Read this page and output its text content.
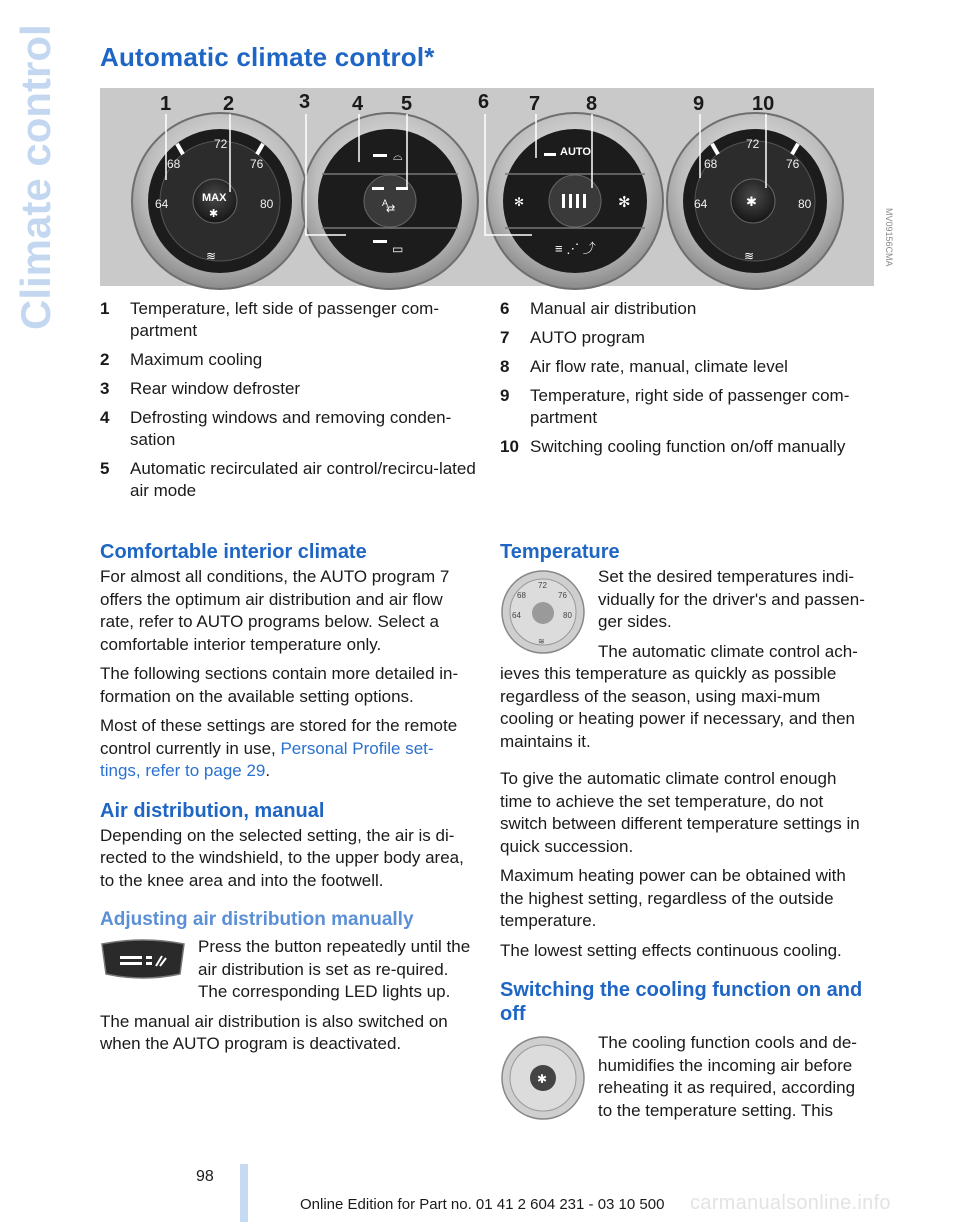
Climate control Automatic climate control*
72
68	76
64	80
MAX
✱
≋
⌓
A
⇄
▭
AUTO
✻	✻
≡ ⋰ ⤴
72
68	76
64	80
✱
≋
1	2	3 4 5	6 7 8	9 10
MV09156CMA
1	Temperature, left side of passenger com-partment
2	Maximum cooling
3	Rear window defroster
4	Defrosting windows and removing conden-sation
5	Automatic recirculated air control/recircu-lated air mode
6	Manual air distribution
7	AUTO program
8	Air flow rate, manual, climate level
9	Temperature, right side of passenger com-partment
10 Switching cooling function on/off manually
Comfortable interior climate

For almost all conditions, the AUTO program 7 offers the optimum air distribution and air flow rate, refer to AUTO programs below. Select a comfortable interior temperature only.

The following sections contain more detailed in-formation on the available setting options.

Most of these settings are stored for the remote control currently in use, Personal Profile set-tings, refer to page 29.

Air distribution, manual

Depending on the selected setting, the air is di-rected to the windshield, to the upper body area, to the knee area and into the footwell.

Adjusting air distribution manually
Press the button repeatedly until the air distribution is set as re-quired. The corresponding LED lights up.

The manual air distribution is also switched on when the AUTO program is deactivated.

Temperature
72
68	76
64	80
≋

Set the desired temperatures indi-vidually for the driver's and passen-ger sides.

The automatic climate control ach-ieves this temperature as quickly as possible regardless of the season, using maxi-mum cooling or heating power if necessary, and then maintains it.

To give the automatic climate control enough time to achieve the set temperature, do not switch between different temperature settings in quick succession.

Maximum heating power can be obtained with the highest setting, regardless of the outside temperature.

The lowest setting effects continuous cooling.

Switching the cooling function on and off
✱

The cooling function cools and de-humidifies the incoming air before reheating it as required, according to the temperature setting. This

98
Online Edition for Part no. 01 41 2 604 231 - 03 10 500 carmanualsonline.info
